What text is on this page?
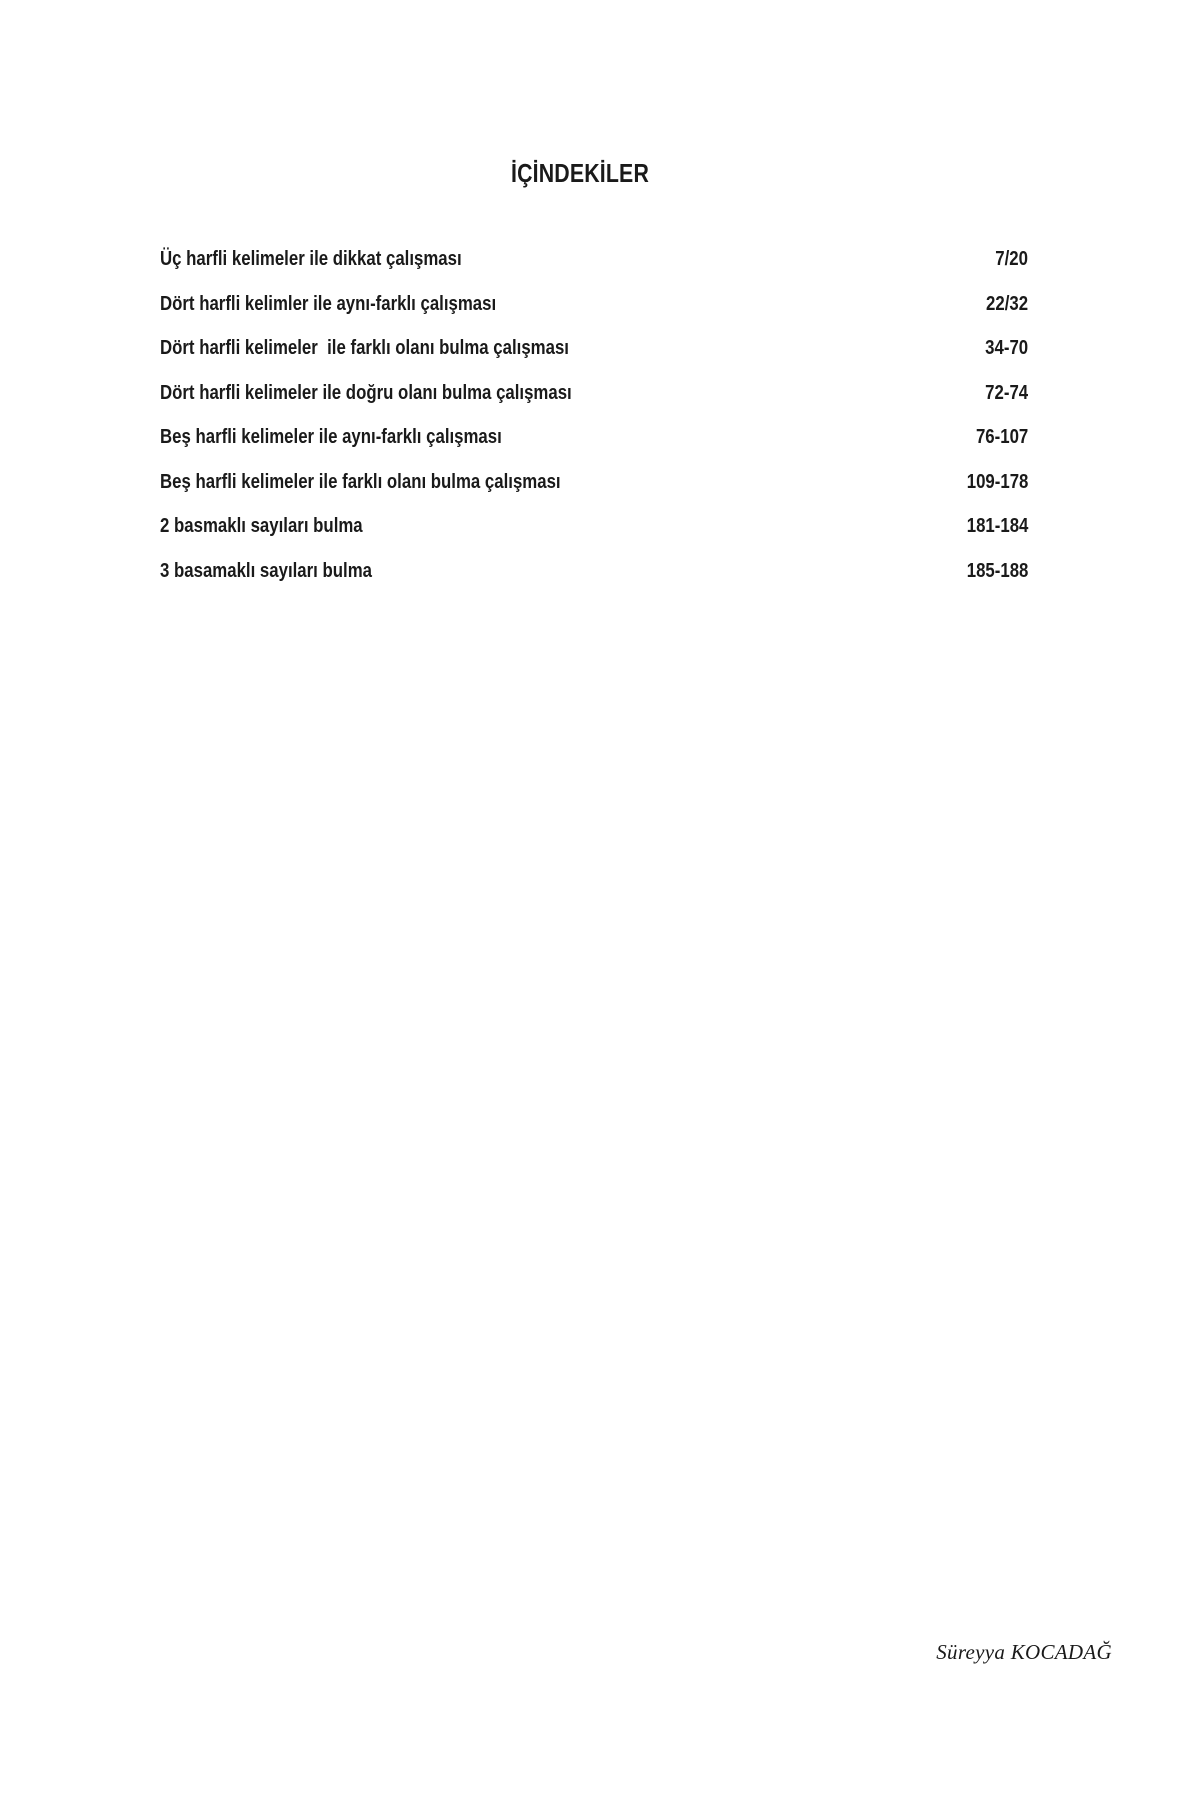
İÇİNDEKİLER
Üç harfli kelimeler ile dikkat çalışması	7/20
Dört harfli kelimler ile aynı-farklı çalışması	22/32
Dört harfli kelimeler  ile farklı olanı bulma çalışması	34-70
Dört harfli kelimeler ile doğru olanı bulma çalışması	72-74
Beş harfli kelimeler ile aynı-farklı çalışması	76-107
Beş harfli kelimeler ile farklı olanı bulma çalışması	109-178
2 basmaklı sayıları bulma	181-184
3 basamaklı sayıları bulma	185-188

Süreyya KOCADAĞ
